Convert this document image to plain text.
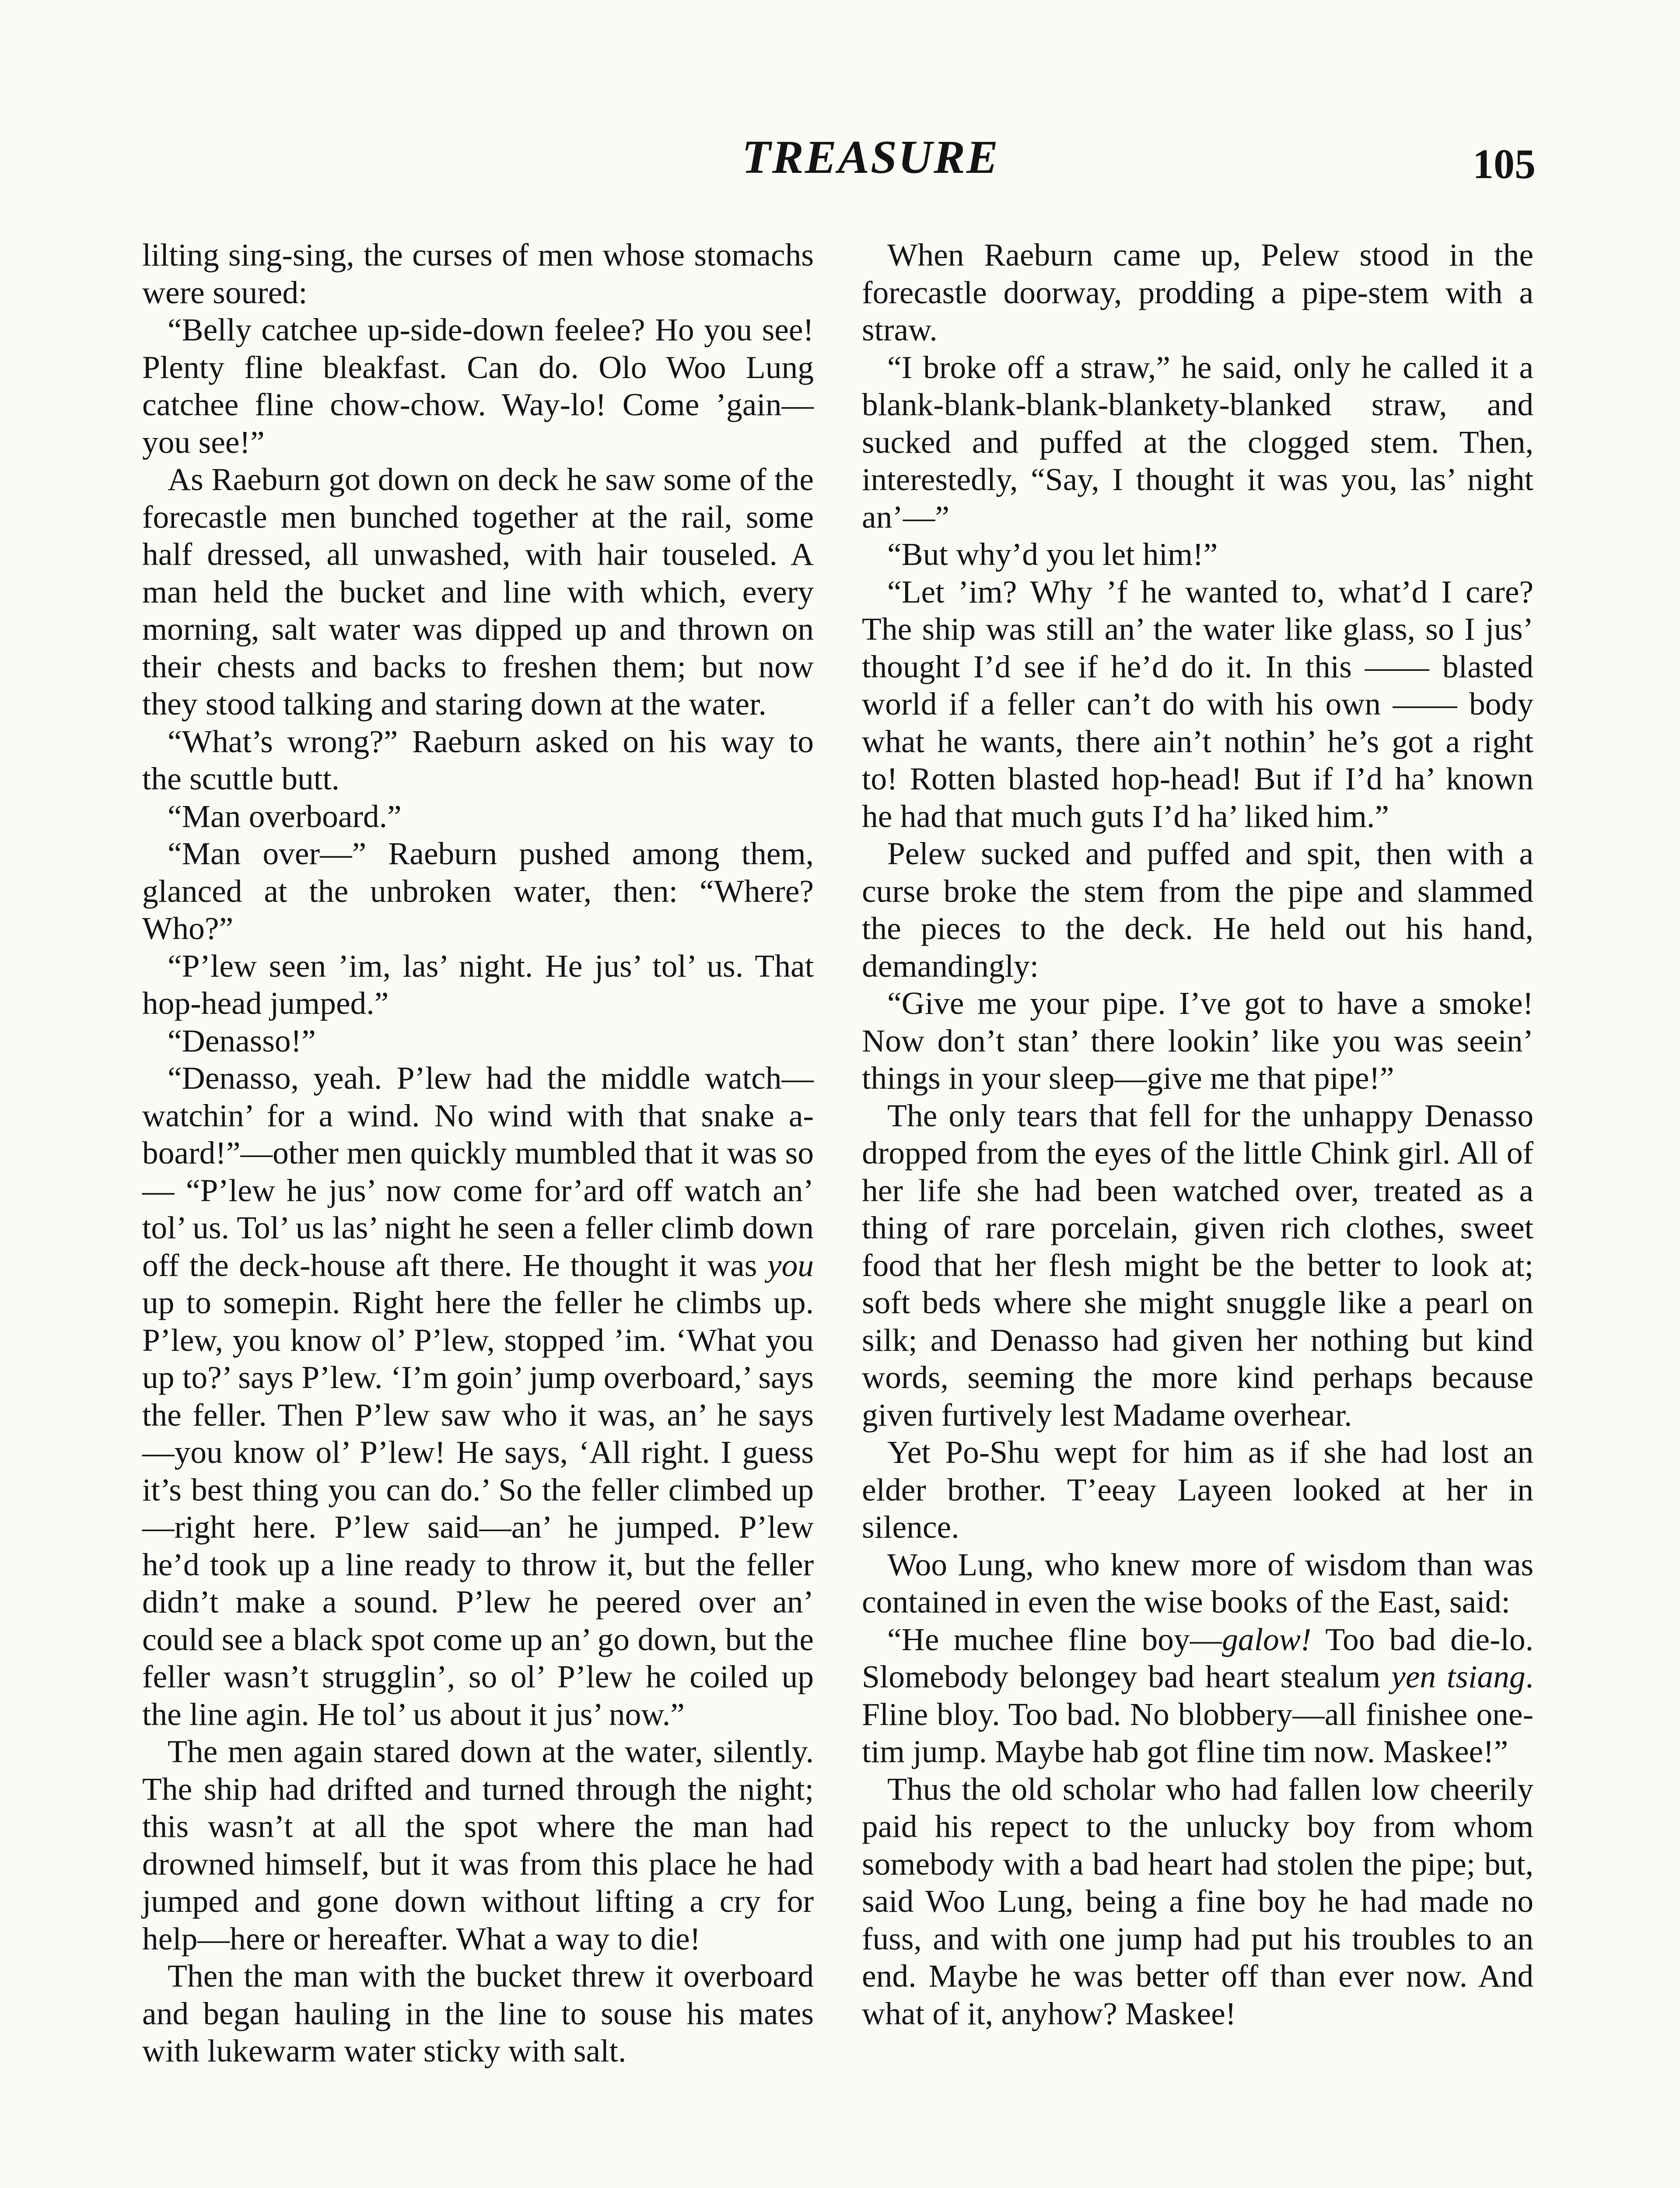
TREASURE	105

lilting sing-sing, the curses of men whose stomachs were soured:

“Belly catchee up-side-down feelee? Ho you see! Plenty fline bleakfast. Can do. Olo Woo Lung catchee fline chow-chow. Way-lo! Come ’gain—you see!”

As Raeburn got down on deck he saw some of the forecastle men bunched together at the rail, some half dressed, all unwashed, with hair touseled. A man held the bucket and line with which, every morning, salt water was dipped up and thrown on their chests and backs to freshen them; but now they stood talking and staring down at the water.

“What’s wrong?” Raeburn asked on his way to the scuttle butt.

“Man overboard.”

“Man over—” Raeburn pushed among them, glanced at the unbroken water, then: “Where? Who?”

“P’lew seen ’im, las’ night. He jus’ tol’ us. That hop-head jumped.”

“Denasso!”

“Denasso, yeah. P’lew had the middle watch—watchin’ for a wind. No wind with that snake a-board!”—other men quickly mumbled that it was so— “P’lew he jus’ now come for’ard off watch an’ tol’ us. Tol’ us las’ night he seen a feller climb down off the deck-house aft there. He thought it was you up to somepin. Right here the feller he climbs up. P’lew, you know ol’ P’lew, stopped ’im. ‘What you up to?’ says P’lew. ‘I’m goin’ jump overboard,’ says the feller. Then P’lew saw who it was, an’ he says—you know ol’ P’lew! He says, ‘All right. I guess it’s best thing you can do.’ So the feller climbed up—right here. P’lew said—an’ he jumped. P’lew he’d took up a line ready to throw it, but the feller didn’t make a sound. P’lew he peered over an’ could see a black spot come up an’ go down, but the feller wasn’t strugglin’, so ol’ P’lew he coiled up the line agin. He tol’ us about it jus’ now.”

The men again stared down at the water, silently. The ship had drifted and turned through the night; this wasn’t at all the spot where the man had drowned himself, but it was from this place he had jumped and gone down without lifting a cry for help—here or hereafter. What a way to die!

Then the man with the bucket threw it overboard and began hauling in the line to souse his mates with lukewarm water sticky with salt.

When Raeburn came up, Pelew stood in the forecastle doorway, prodding a pipe-stem with a straw.

“I broke off a straw,” he said, only he called it a blank-blank-blank-blankety-blanked straw, and sucked and puffed at the clogged stem. Then, interestedly, “Say, I thought it was you, las’ night an’—”

“But why’d you let him!”

“Let ’im? Why ’f he wanted to, what’d I care? The ship was still an’ the water like glass, so I jus’ thought I’d see if he’d do it. In this —— blasted world if a feller can’t do with his own —— body what he wants, there ain’t nothin’ he’s got a right to! Rotten blasted hop-head! But if I’d ha’ known he had that much guts I’d ha’ liked him.”

Pelew sucked and puffed and spit, then with a curse broke the stem from the pipe and slammed the pieces to the deck. He held out his hand, demandingly:

“Give me your pipe. I’ve got to have a smoke! Now don’t stan’ there lookin’ like you was seein’ things in your sleep—give me that pipe!”

The only tears that fell for the unhappy Denasso dropped from the eyes of the little Chink girl. All of her life she had been watched over, treated as a thing of rare porcelain, given rich clothes, sweet food that her flesh might be the better to look at; soft beds where she might snuggle like a pearl on silk; and Denasso had given her nothing but kind words, seeming the more kind perhaps because given furtively lest Madame overhear.

Yet Po-Shu wept for him as if she had lost an elder brother. T’eeay Layeen looked at her in silence.

Woo Lung, who knew more of wisdom than was contained in even the wise books of the East, said:

“He muchee fline boy—galow! Too bad die-lo. Slomebody belongey bad heart stealum yen tsiang. Fline bloy. Too bad. No blobbery—all finishee one-tim jump. Maybe hab got fline tim now. Maskee!”

Thus the old scholar who had fallen low cheerily paid his repect to the unlucky boy from whom somebody with a bad heart had stolen the pipe; but, said Woo Lung, being a fine boy he had made no fuss, and with one jump had put his troubles to an end. Maybe he was better off than ever now. And what of it, anyhow? Maskee!
